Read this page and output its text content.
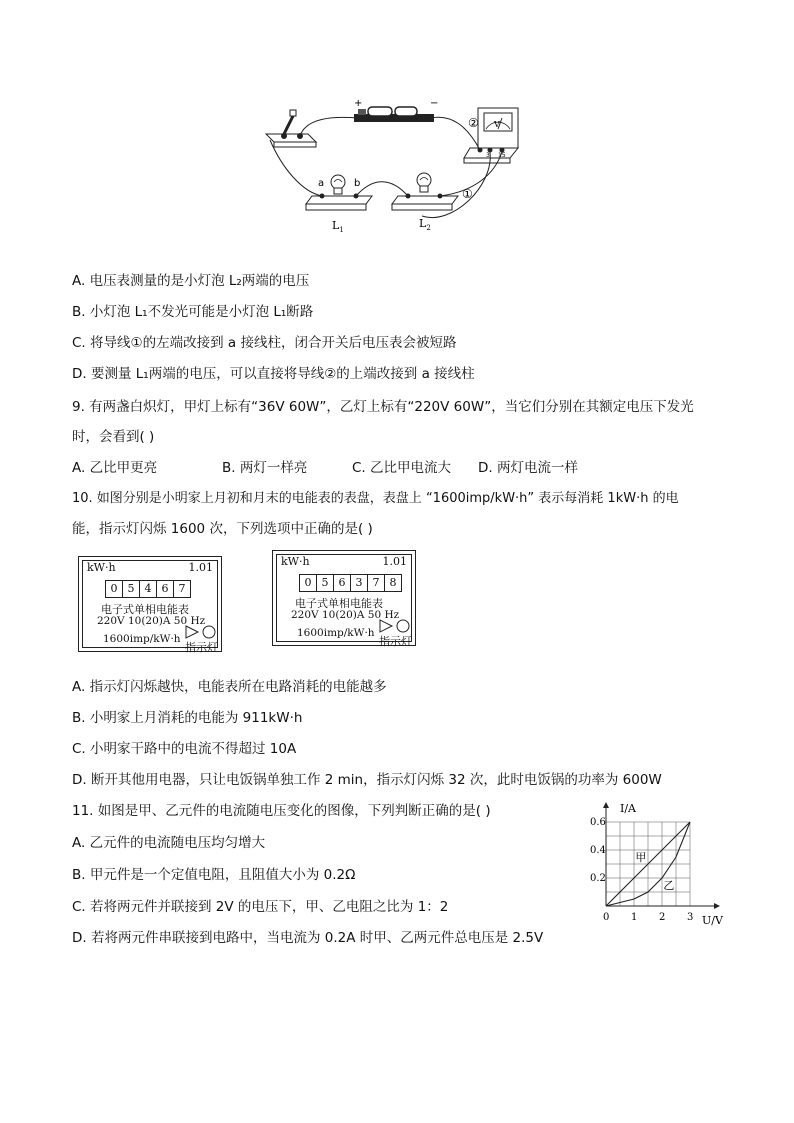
+	−
V
3 15
a	b
$L_1$	$L_2$
②
①
A. 电压表测量的是小灯泡 L₂两端的电压
B. 小灯泡 L₁不发光可能是小灯泡 L₁断路
C. 将导线①的左端改接到 a 接线柱，闭合开关后电压表会被短路
D. 要测量 L₁两端的电压，可以直接将导线②的上端改接到 a 接线柱
9. 有两盏白炽灯，甲灯上标有“36V 60W”，乙灯上标有“220V 60W”，当它们分别在其额定电压下发光
时，会看到( )
A. 乙比甲更亮	B. 两灯一样亮	C. 乙比甲电流大 D. 两灯电流一样
10. 如图分别是小明家上月初和月末的电能表的表盘，表盘上 “1600imp/kW·h” 表示每消耗 1kW·h 的电
能，指示灯闪烁 1600 次，下列选项中正确的是( )
kW·h	1.01
0 5 4 6 7
电子式单相电能表
220V 10(20)A 50 Hz
1600imp/kW·h
指示灯
kW·h	1.01
0 5 6 3 7 8
电子式单相电能表
220V 10(20)A 50 Hz
1600imp/kW·h
指示灯
A. 指示灯闪烁越快，电能表所在电路消耗的电能越多
B. 小明家上月消耗的电能为 911kW·h
C. 小明家干路中的电流不得超过 10A
D. 断开其他用电器，只让电饭锅单独工作 2 min，指示灯闪烁 32 次，此时电饭锅的功率为 600W
11. 如图是甲、乙元件的电流随电压变化的图像，下列判断正确的是( )
A. 乙元件的电流随电压均匀增大
B. 甲元件是一个定值电阻，且阻值大小为 0.2Ω
C. 若将两元件并联接到 2V 的电压下，甲、乙电阻之比为 1：2
D. 若将两元件串联接到电路中，当电流为 0.2A 时甲、乙两元件总电压是 2.5V
0 1 2 3
0.2
0.4
0.6
甲
乙
I/A
U/V
